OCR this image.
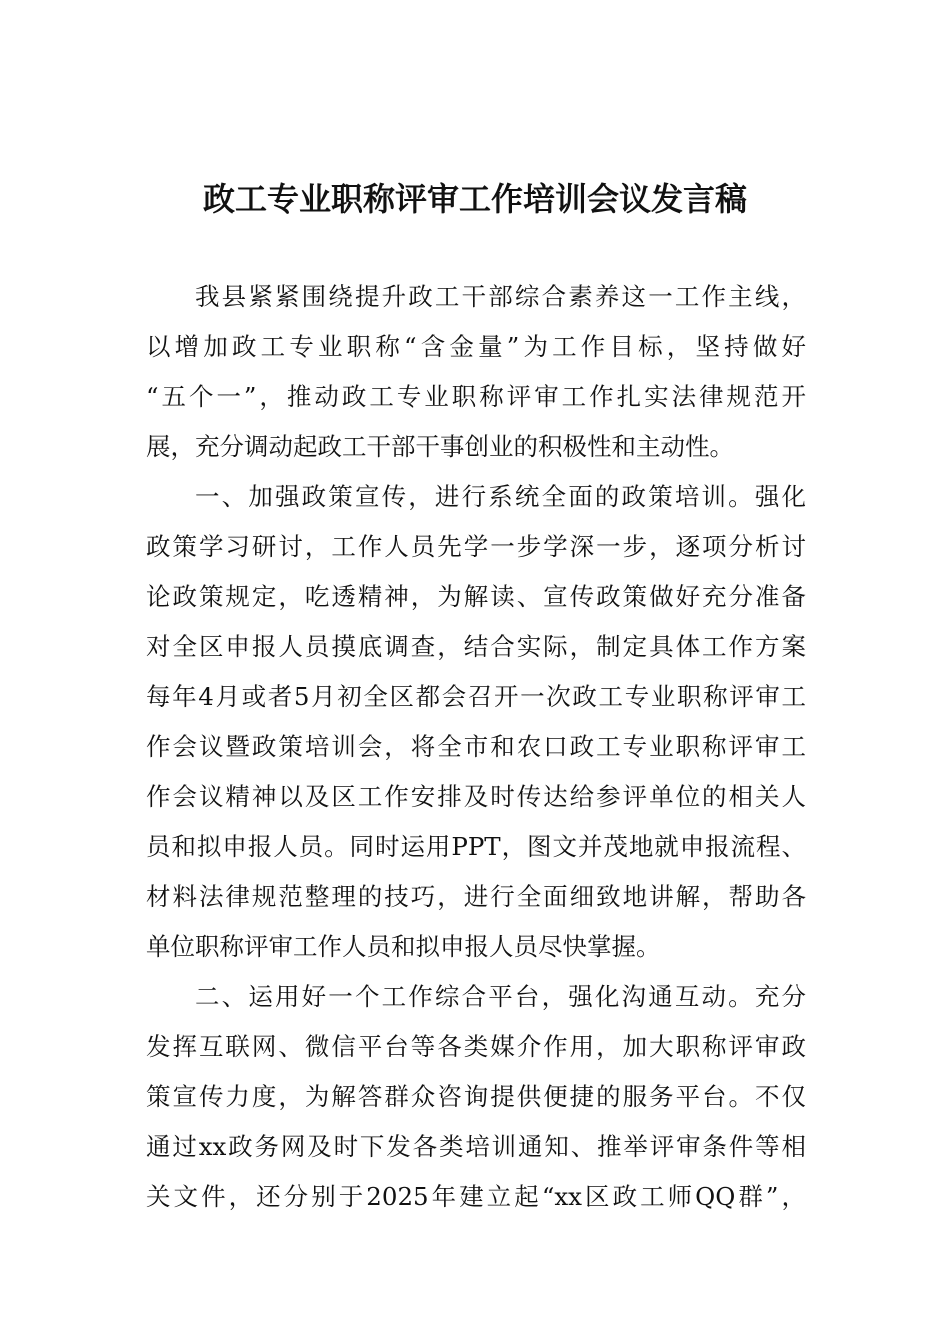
政工专业职称评审工作培训会议发言稿
我县紧紧围绕提升政工干部综合素养这一工作主线，
以增加政工专业职称“含金量”为工作目标，坚持做好
“五个一”，推动政工专业职称评审工作扎实法律规范开
展，充分调动起政工干部干事创业的积极性和主动性。
一、加强政策宣传，进行系统全面的政策培训。强化
政策学习研讨，工作人员先学一步学深一步，逐项分析讨
论政策规定，吃透精神，为解读、宣传政策做好充分准备
对全区申报人员摸底调查，结合实际，制定具体工作方案
每年4月或者5月初全区都会召开一次政工专业职称评审工
作会议暨政策培训会，将全市和农口政工专业职称评审工
作会议精神以及区工作安排及时传达给参评单位的相关人
员和拟申报人员。同时运用PPT，图文并茂地就申报流程、
材料法律规范整理的技巧，进行全面细致地讲解，帮助各
单位职称评审工作人员和拟申报人员尽快掌握。
二、运用好一个工作综合平台，强化沟通互动。充分
发挥互联网、微信平台等各类媒介作用，加大职称评审政
策宣传力度，为解答群众咨询提供便捷的服务平台。不仅
通过xx政务网及时下发各类培训通知、推举评审条件等相
关文件，还分别于2025年建立起“xx区政工师QQ群”，
